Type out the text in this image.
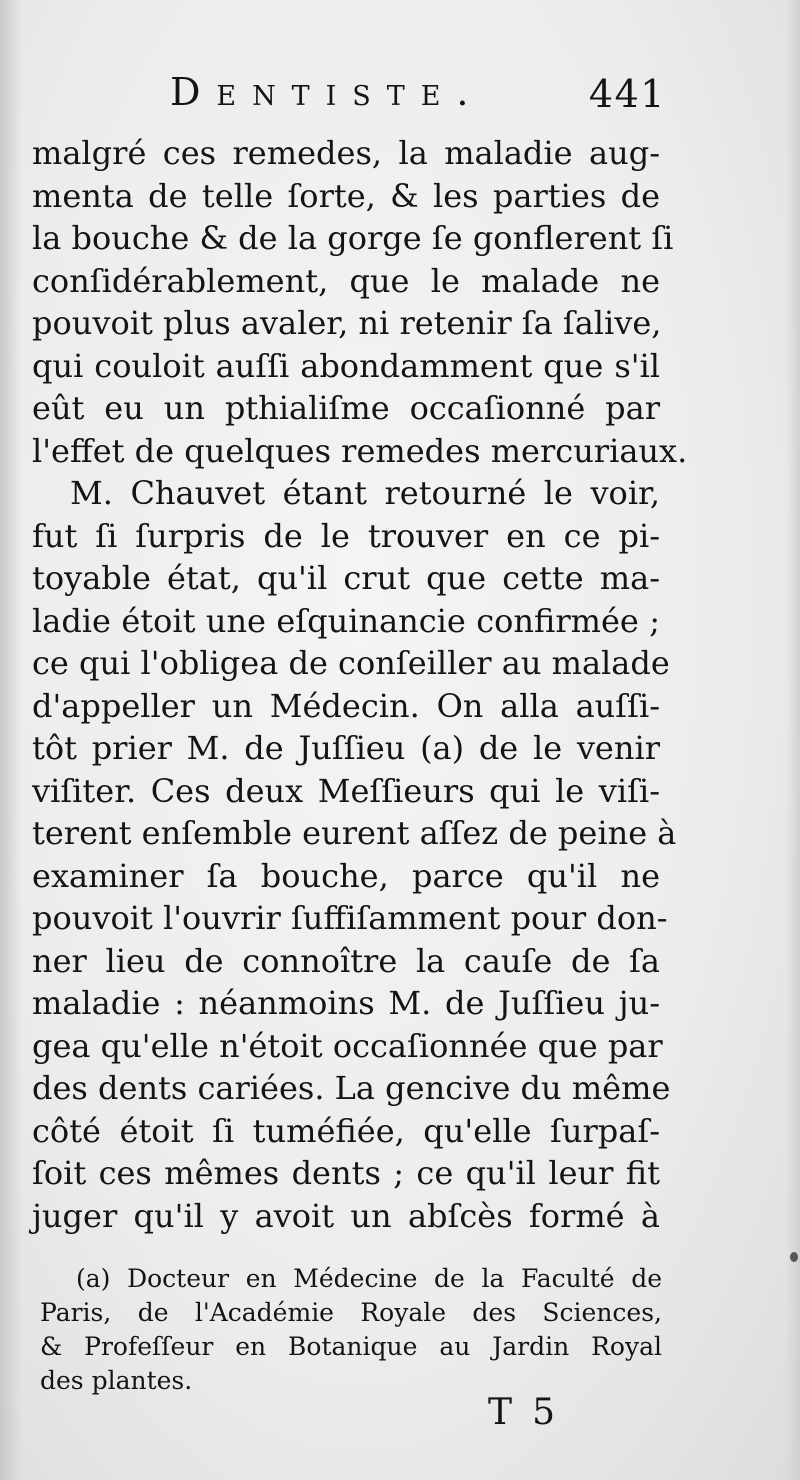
Dentiste.	441
malgré ces remedes, la maladie aug-
menta de telle ſorte, & les parties de
la bouche & de la gorge ſe gonflerent ſi
conſidérablement, que le malade ne
pouvoit plus avaler, ni retenir ſa ſalive,
qui couloit auſſi abondamment que s'il
eût eu un pthialiſme occaſionné par
l'effet de quelques remedes mercuriaux.
M. Chauvet étant retourné le voir,
fut ſi ſurpris de le trouver en ce pi-
toyable état, qu'il crut que cette ma-
ladie étoit une eſquinancie confirmée ;
ce qui l'obligea de conſeiller au malade
d'appeller un Médecin. On alla auſſi-
tôt prier M. de Juſſieu (a) de le venir
viſiter. Ces deux Meſſieurs qui le viſi-
terent enſemble eurent aſſez de peine à
examiner ſa bouche, parce qu'il ne
pouvoit l'ouvrir ſuffiſamment pour don-
ner lieu de connoître la cauſe de ſa
maladie : néanmoins M. de Juſſieu ju-
gea qu'elle n'étoit occaſionnée que par
des dents cariées. La gencive du même
côté étoit ſi tuméfiée, qu'elle ſurpaſ-
ſoit ces mêmes dents ; ce qu'il leur fit
juger qu'il y avoit un abſcès formé à
(a) Docteur en Médecine de la Faculté de
Paris, de l'Académie Royale des Sciences,
& Profeſſeur en Botanique au Jardin Royal
des plantes.
T 5
